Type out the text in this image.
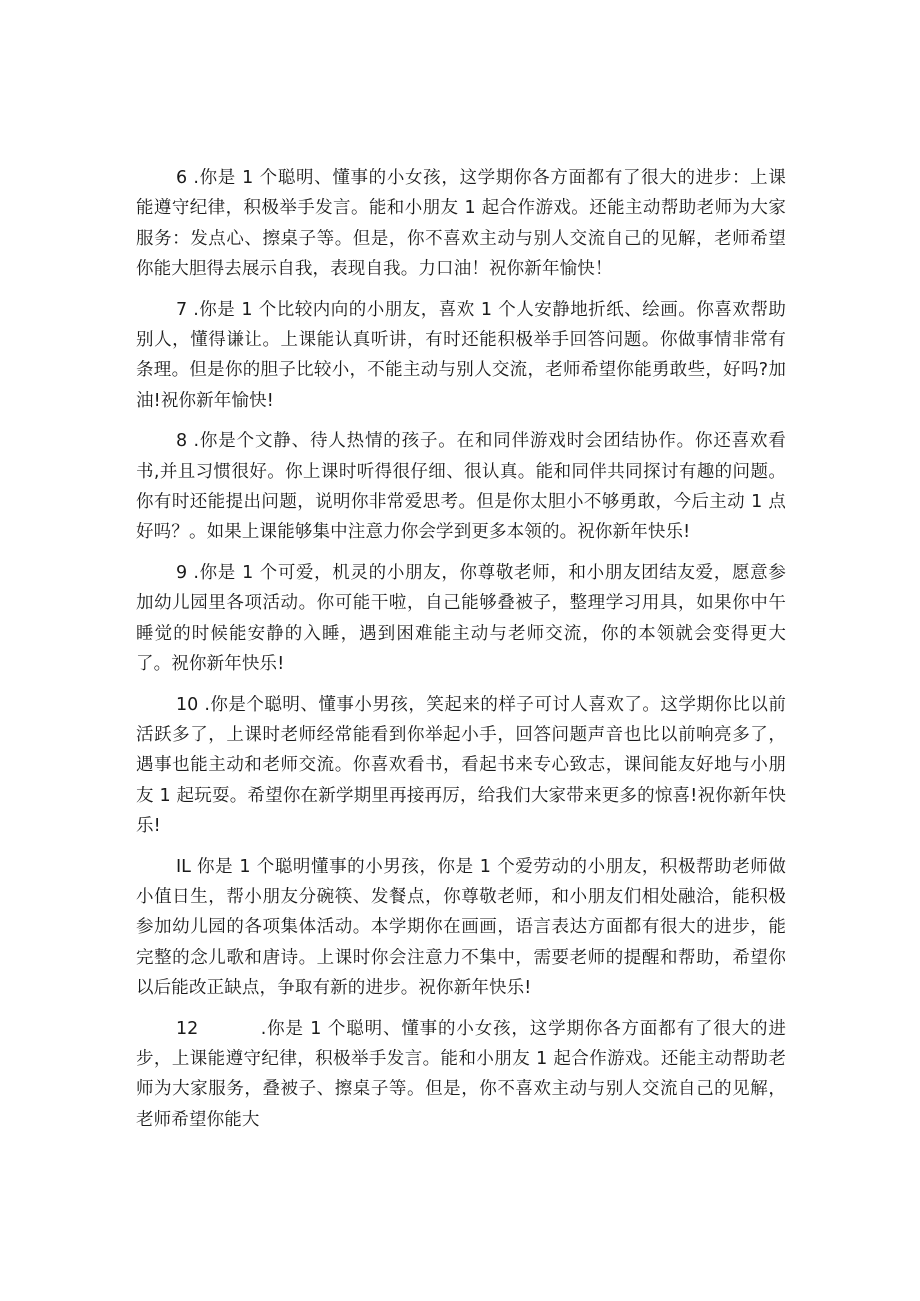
6 .你是 1 个聪明、懂事的小女孩，这学期你各方面都有了很大的进步：上课能遵守纪律，积极举手发言。能和小朋友 1 起合作游戏。还能主动帮助老师为大家服务：发点心、擦桌子等。但是，你不喜欢主动与别人交流自己的见解，老师希望你能大胆得去展示自我，表现自我。力口油！祝你新年愉快！

7 .你是 1 个比较内向的小朋友，喜欢 1 个人安静地折纸、绘画。你喜欢帮助别人，懂得谦让。上课能认真听讲，有时还能积极举手回答问题。你做事情非常有条理。但是你的胆子比较小，不能主动与别人交流，老师希望你能勇敢些，好吗?加油!祝你新年愉快!

8 .你是个文静、待人热情的孩子。在和同伴游戏时会团结协作。你还喜欢看书,并且习惯很好。你上课时听得很仔细、很认真。能和同伴共同探讨有趣的问题。你有时还能提出问题，说明你非常爱思考。但是你太胆小不够勇敢，今后主动 1 点好吗？。如果上课能够集中注意力你会学到更多本领的。祝你新年快乐!

9 .你是 1 个可爱，机灵的小朋友，你尊敬老师，和小朋友团结友爱，愿意参加幼儿园里各项活动。你可能干啦，自己能够叠被子，整理学习用具，如果你中午睡觉的时候能安静的入睡，遇到困难能主动与老师交流，你的本领就会变得更大了。祝你新年快乐!

10 .你是个聪明、懂事小男孩，笑起来的样子可讨人喜欢了。这学期你比以前活跃多了，上课时老师经常能看到你举起小手，回答问题声音也比以前响亮多了，遇事也能主动和老师交流。你喜欢看书，看起书来专心致志，课间能友好地与小朋友 1 起玩耍。希望你在新学期里再接再厉，给我们大家带来更多的惊喜!祝你新年快乐!

IL 你是 1 个聪明懂事的小男孩，你是 1 个爱劳动的小朋友，积极帮助老师做小值日生，帮小朋友分碗筷、发餐点，你尊敬老师，和小朋友们相处融洽，能积极参加幼儿园的各项集体活动。本学期你在画画，语言表达方面都有很大的进步，能完整的念儿歌和唐诗。上课时你会注意力不集中，需要老师的提醒和帮助，希望你以后能改正缺点，争取有新的进步。祝你新年快乐!

12	.你是 1 个聪明、懂事的小女孩，这学期你各方面都有了很大的进步，上课能遵守纪律，积极举手发言。能和小朋友 1 起合作游戏。还能主动帮助老师为大家服务，叠被子、擦桌子等。但是，你不喜欢主动与别人交流自己的见解，老师希望你能大
